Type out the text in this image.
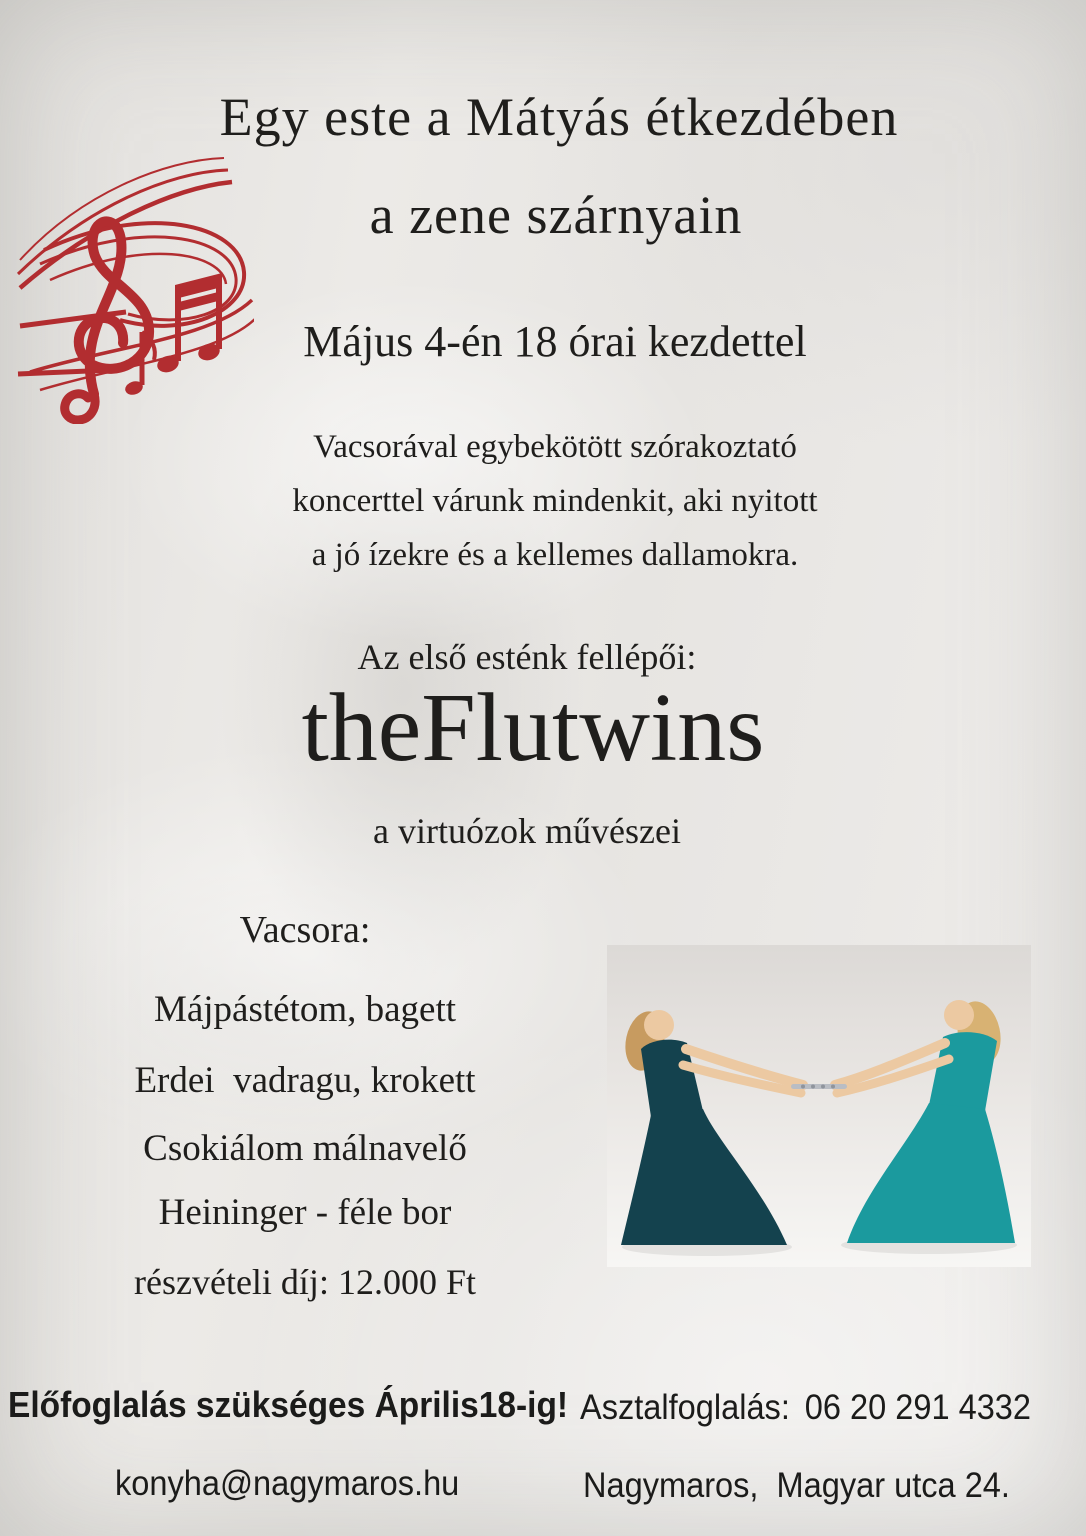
Egy este a Mátyás étkezdében
a zene szárnyain
Május 4-én 18 órai kezdettel
Vacsorával egybekötött szórakoztató
koncerttel várunk mindenkit, aki nyitott
a jó ízekre és a kellemes dallamokra.
Az első esténk fellépői:
theFlutwins
a virtuózok művészei
Vacsora:
Májpástétom, bagett
Erdei  vadragu, krokett
Csokiálom málnavelő
Heininger - féle bor
részvételi díj: 12.000 Ft
Előfoglalás szükséges Április18-ig! Asztalfoglalás: 06 20 291 4332
konyha@nagymaros.hu	Nagymaros,  Magyar utca 24.
